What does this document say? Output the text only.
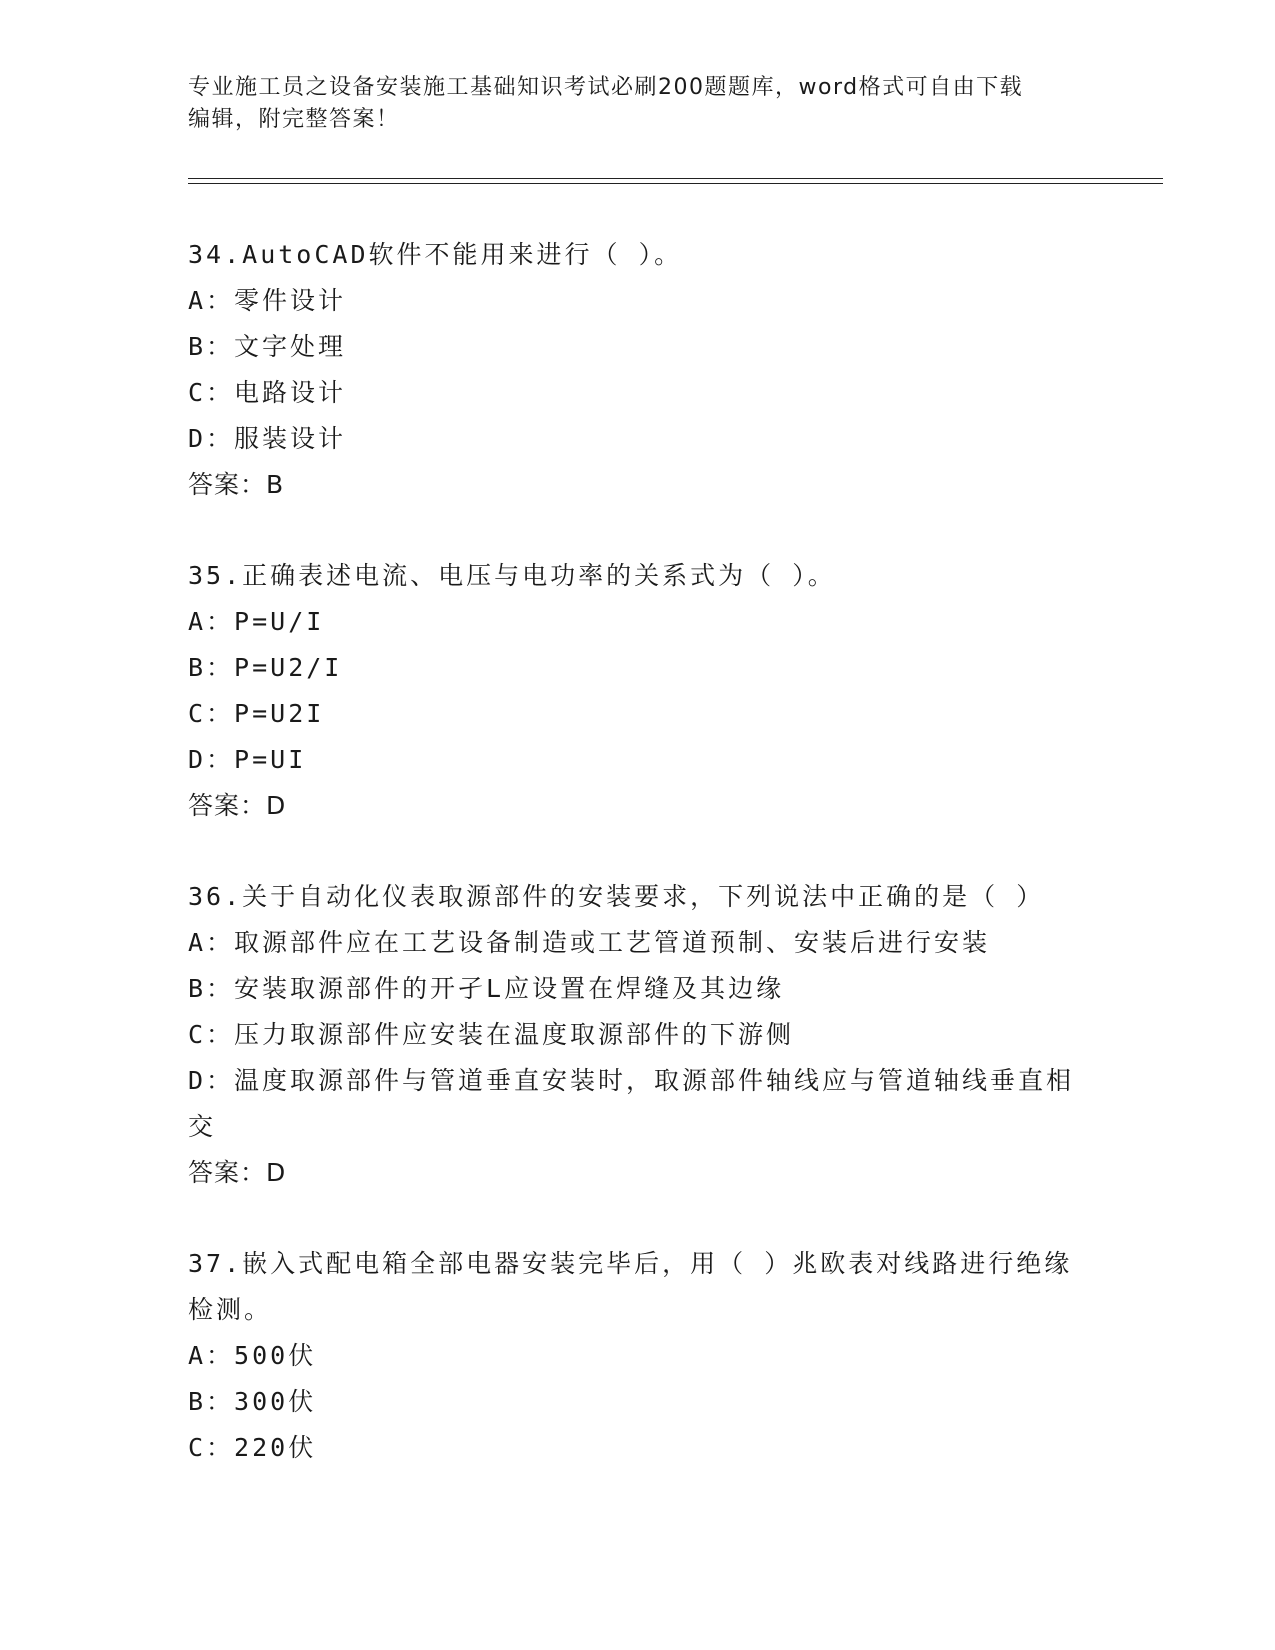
专业施工员之设备安装施工基础知识考试必刷200题题库，word格式可自由下载
编辑，附完整答案！

34.AutoCAD软件不能用来进行（ ）。

A：零件设计

B：文字处理

C：电路设计

D：服装设计

答案：B

35.正确表述电流、电压与电功率的关系式为（ ）。

A：P=U/I

B：P=U2/I

C：P=U2I

D：P=UI

答案：D

36.关于自动化仪表取源部件的安装要求，下列说法中正确的是（ ）

A：取源部件应在工艺设备制造或工艺管道预制、安装后进行安装

B：安装取源部件的开孑L应设置在焊缝及其边缘

C：压力取源部件应安装在温度取源部件的下游侧

D：温度取源部件与管道垂直安装时，取源部件轴线应与管道轴线垂直相交

答案：D

37.嵌入式配电箱全部电器安装完毕后，用（ ）兆欧表对线路进行绝缘检测。

A：500伏

B：300伏

C：220伏
